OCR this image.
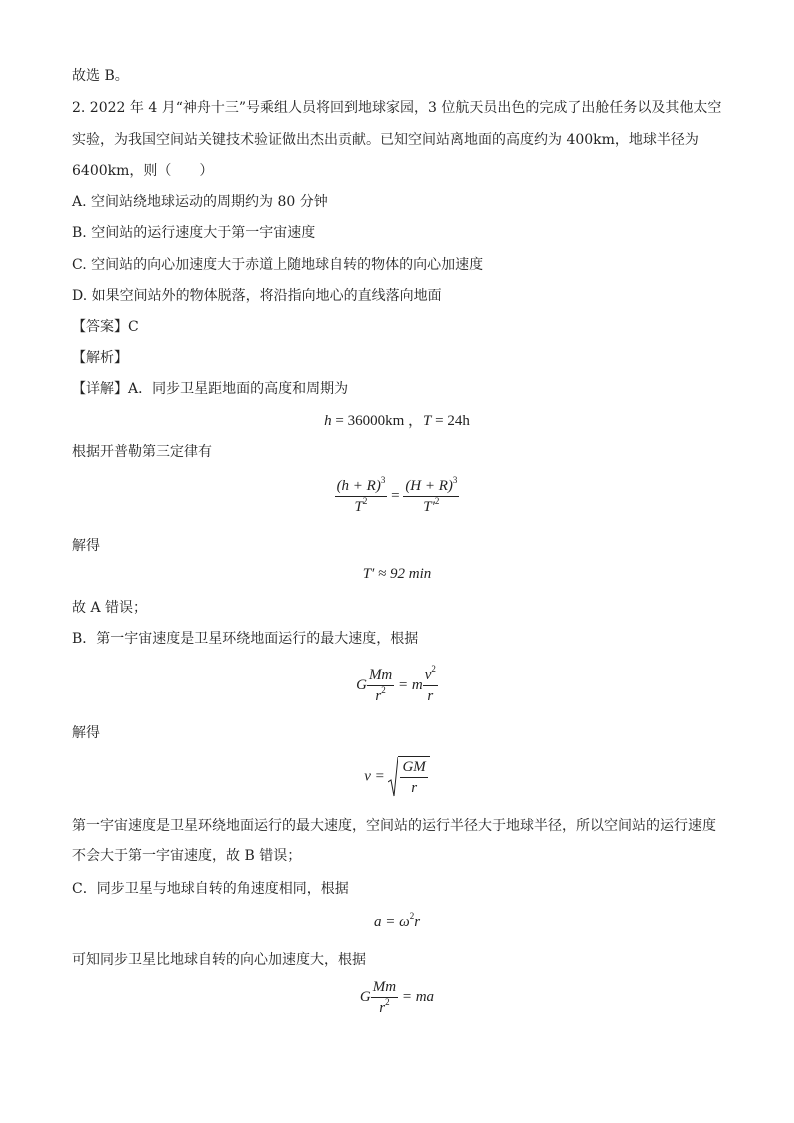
故选 B。
2. 2022 年 4 月“神舟十三”号乘组人员将回到地球家园，3 位航天员出色的完成了出舱任务以及其他太空
实验，为我国空间站关键技术验证做出杰出贡献。已知空间站离地面的高度约为 400km，地球半径为
6400km，则（　　）
A. 空间站绕地球运动的周期约为 80 分钟
B. 空间站的运行速度大于第一宇宙速度
C. 空间站的向心加速度大于赤道上随地球自转的物体的向心加速度
D. 如果空间站外的物体脱落，将沿指向地心的直线落向地面
【答案】C
【解析】
【详解】A．同步卫星距地面的高度和周期为
h = 36000km ，T = 24h
根据开普勒第三定律有
$\frac{(h + R)^3}{T^2} = \frac{(H + R)^3}{T'^2}$
解得
T′ ≈ 92 min
故 A 错误；
B．第一宇宙速度是卫星环绕地面运行的最大速度，根据
G $\frac{Mm}{r^2} = m \frac{v^2}{r}$
解得
$v = \frac{GM}{r}$
第一宇宙速度是卫星环绕地面运行的最大速度，空间站的运行半径大于地球半径，所以空间站的运行速度不会大于第一宇宙速度，故 B 错误；
C．同步卫星与地球自转的角速度相同，根据
$a = \omega^2r$
可知同步卫星比地球自转的向心加速度大，根据
G $\frac{Mm}{r^2}$ = ma
